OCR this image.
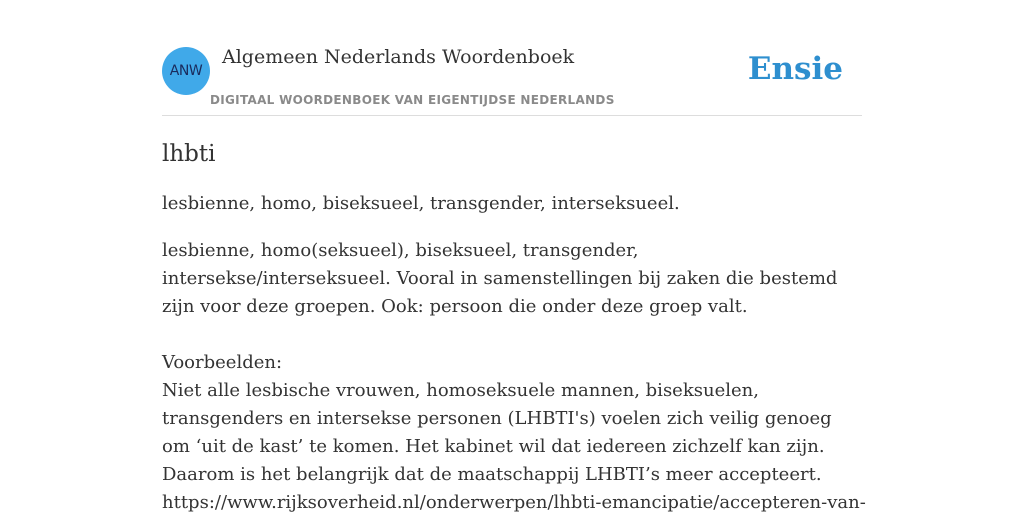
ANW
Algemeen Nederlands Woordenboek
DIGITAAL WOORDENBOEK VAN EIGENTIJDSE NEDERLANDS
Ensie
lhbti

lesbienne, homo, biseksueel, transgender, interseksueel.

lesbienne, homo(seksueel), biseksueel, transgender, intersekse/interseksueel. Vooral in samenstellingen bij zaken die bestemd zijn voor deze groepen. Ook: persoon die onder deze groep valt.

Voorbeelden:

Niet alle lesbische vrouwen, homoseksuele mannen, biseksuelen, transgenders en intersekse personen (LHBTI's) voelen zich veilig genoeg om ‘uit de kast’ te komen. Het kabinet wil dat iedereen zichzelf kan zijn. Daarom is het belangrijk dat de maatschappij LHBTI’s meer accepteert.

https://www.rijksoverheid.nl/onderwerpen/lhbti-emancipatie/accepteren-van-
